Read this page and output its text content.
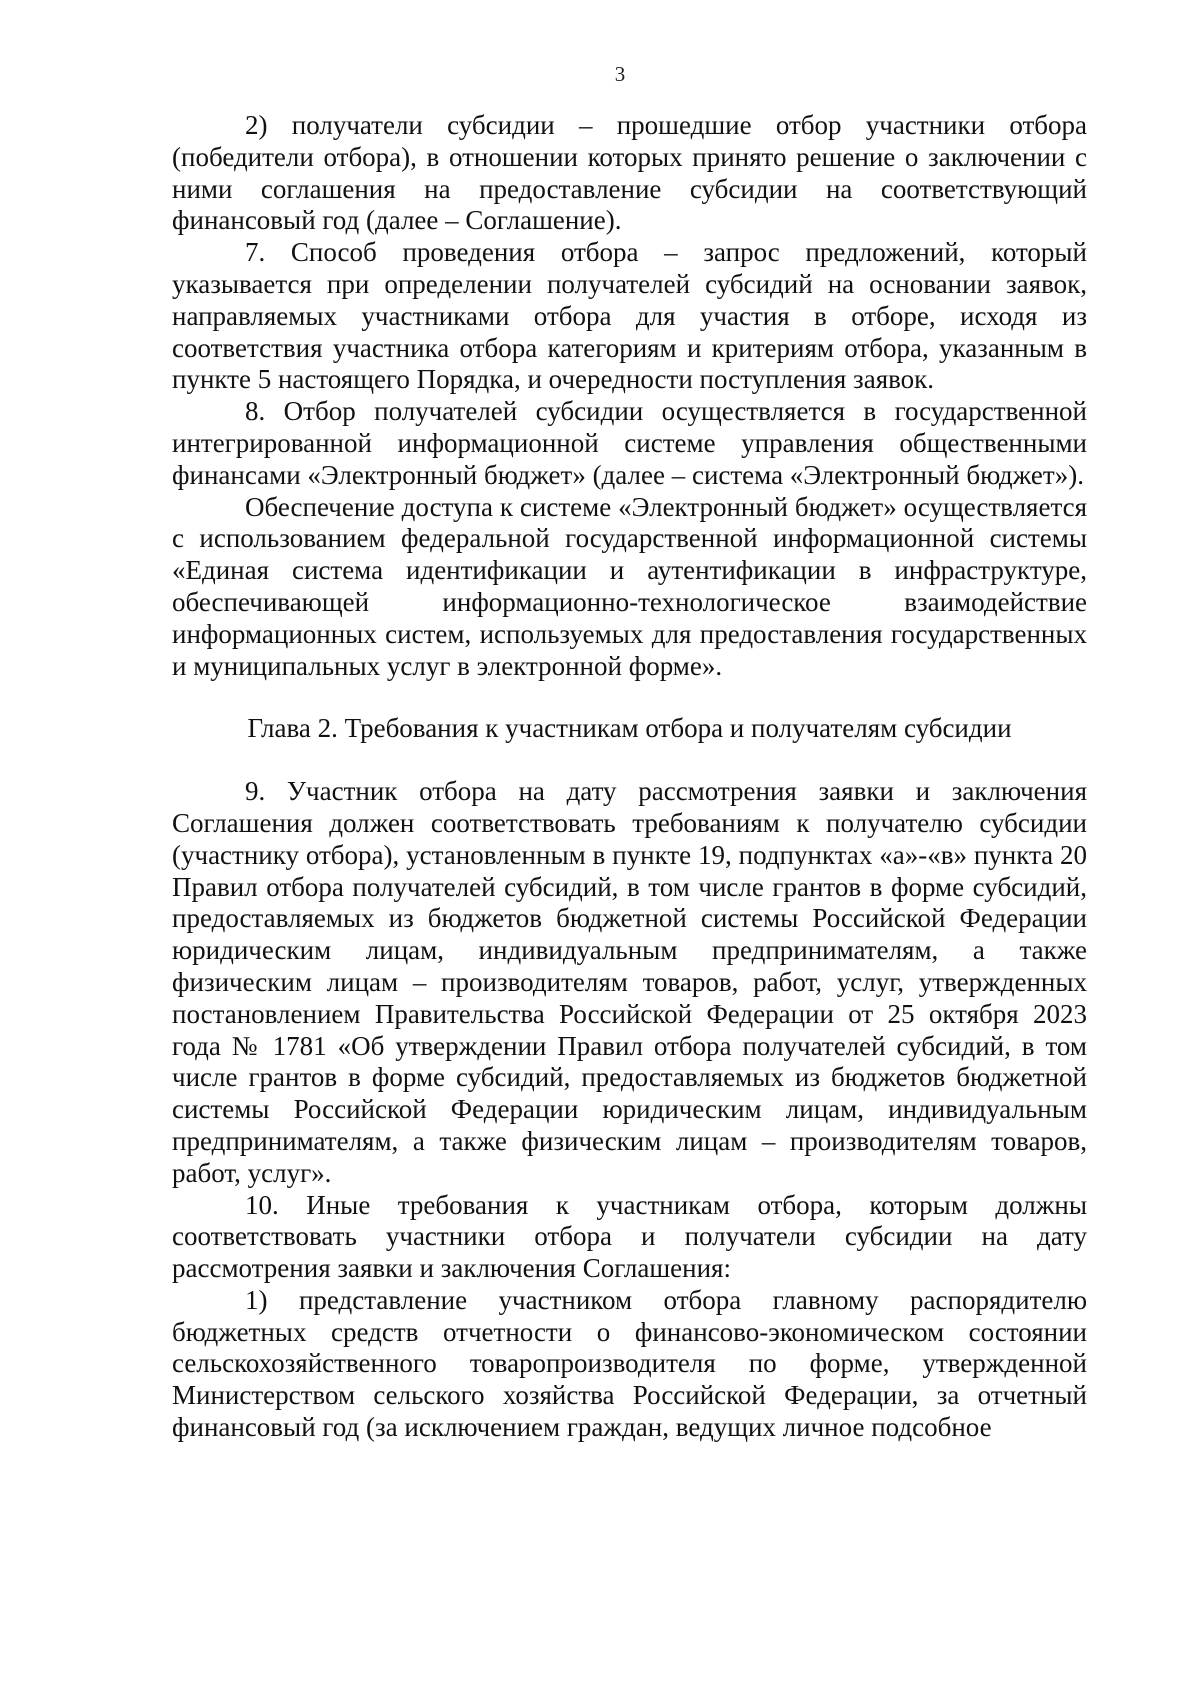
3

2) получатели субсидии – прошедшие отбор участники отбора (победители отбора), в отношении которых принято решение о заключении с ними соглашения на предоставление субсидии на соответствующий финансовый год (далее – Соглашение).

7. Способ проведения отбора – запрос предложений, который указывается при определении получателей субсидий на основании заявок, направляемых участниками отбора для участия в отборе, исходя из соответствия участника отбора категориям и критериям отбора, указанным в пункте 5 настоящего Порядка, и очередности поступления заявок.

8. Отбор получателей субсидии осуществляется в государственной интегрированной информационной системе управления общественными финансами «Электронный бюджет» (далее – система «Электронный бюджет»).

Обеспечение доступа к системе «Электронный бюджет» осуществляется с использованием федеральной государственной информационной системы «Единая система идентификации и аутентификации в инфраструктуре, обеспечивающей информационно-технологическое взаимодействие информационных систем, используемых для предоставления государственных и муниципальных услуг в электронной форме».

Глава 2. Требования к участникам отбора и получателям субсидии

9. Участник отбора на дату рассмотрения заявки и заключения Соглашения должен соответствовать требованиям к получателю субсидии (участнику отбора), установленным в пункте 19, подпунктах «а»-«в» пункта 20 Правил отбора получателей субсидий, в том числе грантов в форме субсидий, предоставляемых из бюджетов бюджетной системы Российской Федерации юридическим лицам, индивидуальным предпринимателям, а также физическим лицам – производителям товаров, работ, услуг, утвержденных постановлением Правительства Российской Федерации от 25 октября 2023 года № 1781 «Об утверждении Правил отбора получателей субсидий, в том числе грантов в форме субсидий, предоставляемых из бюджетов бюджетной системы Российской Федерации юридическим лицам, индивидуальным предпринимателям, а также физическим лицам – производителям товаров, работ, услуг».

10. Иные требования к участникам отбора, которым должны соответствовать участники отбора и получатели субсидии на дату рассмотрения заявки и заключения Соглашения:

1) представление участником отбора главному распорядителю бюджетных средств отчетности о финансово-экономическом состоянии сельскохозяйственного товаропроизводителя по форме, утвержденной Министерством сельского хозяйства Российской Федерации, за отчетный финансовый год (за исключением граждан, ведущих личное подсобное
